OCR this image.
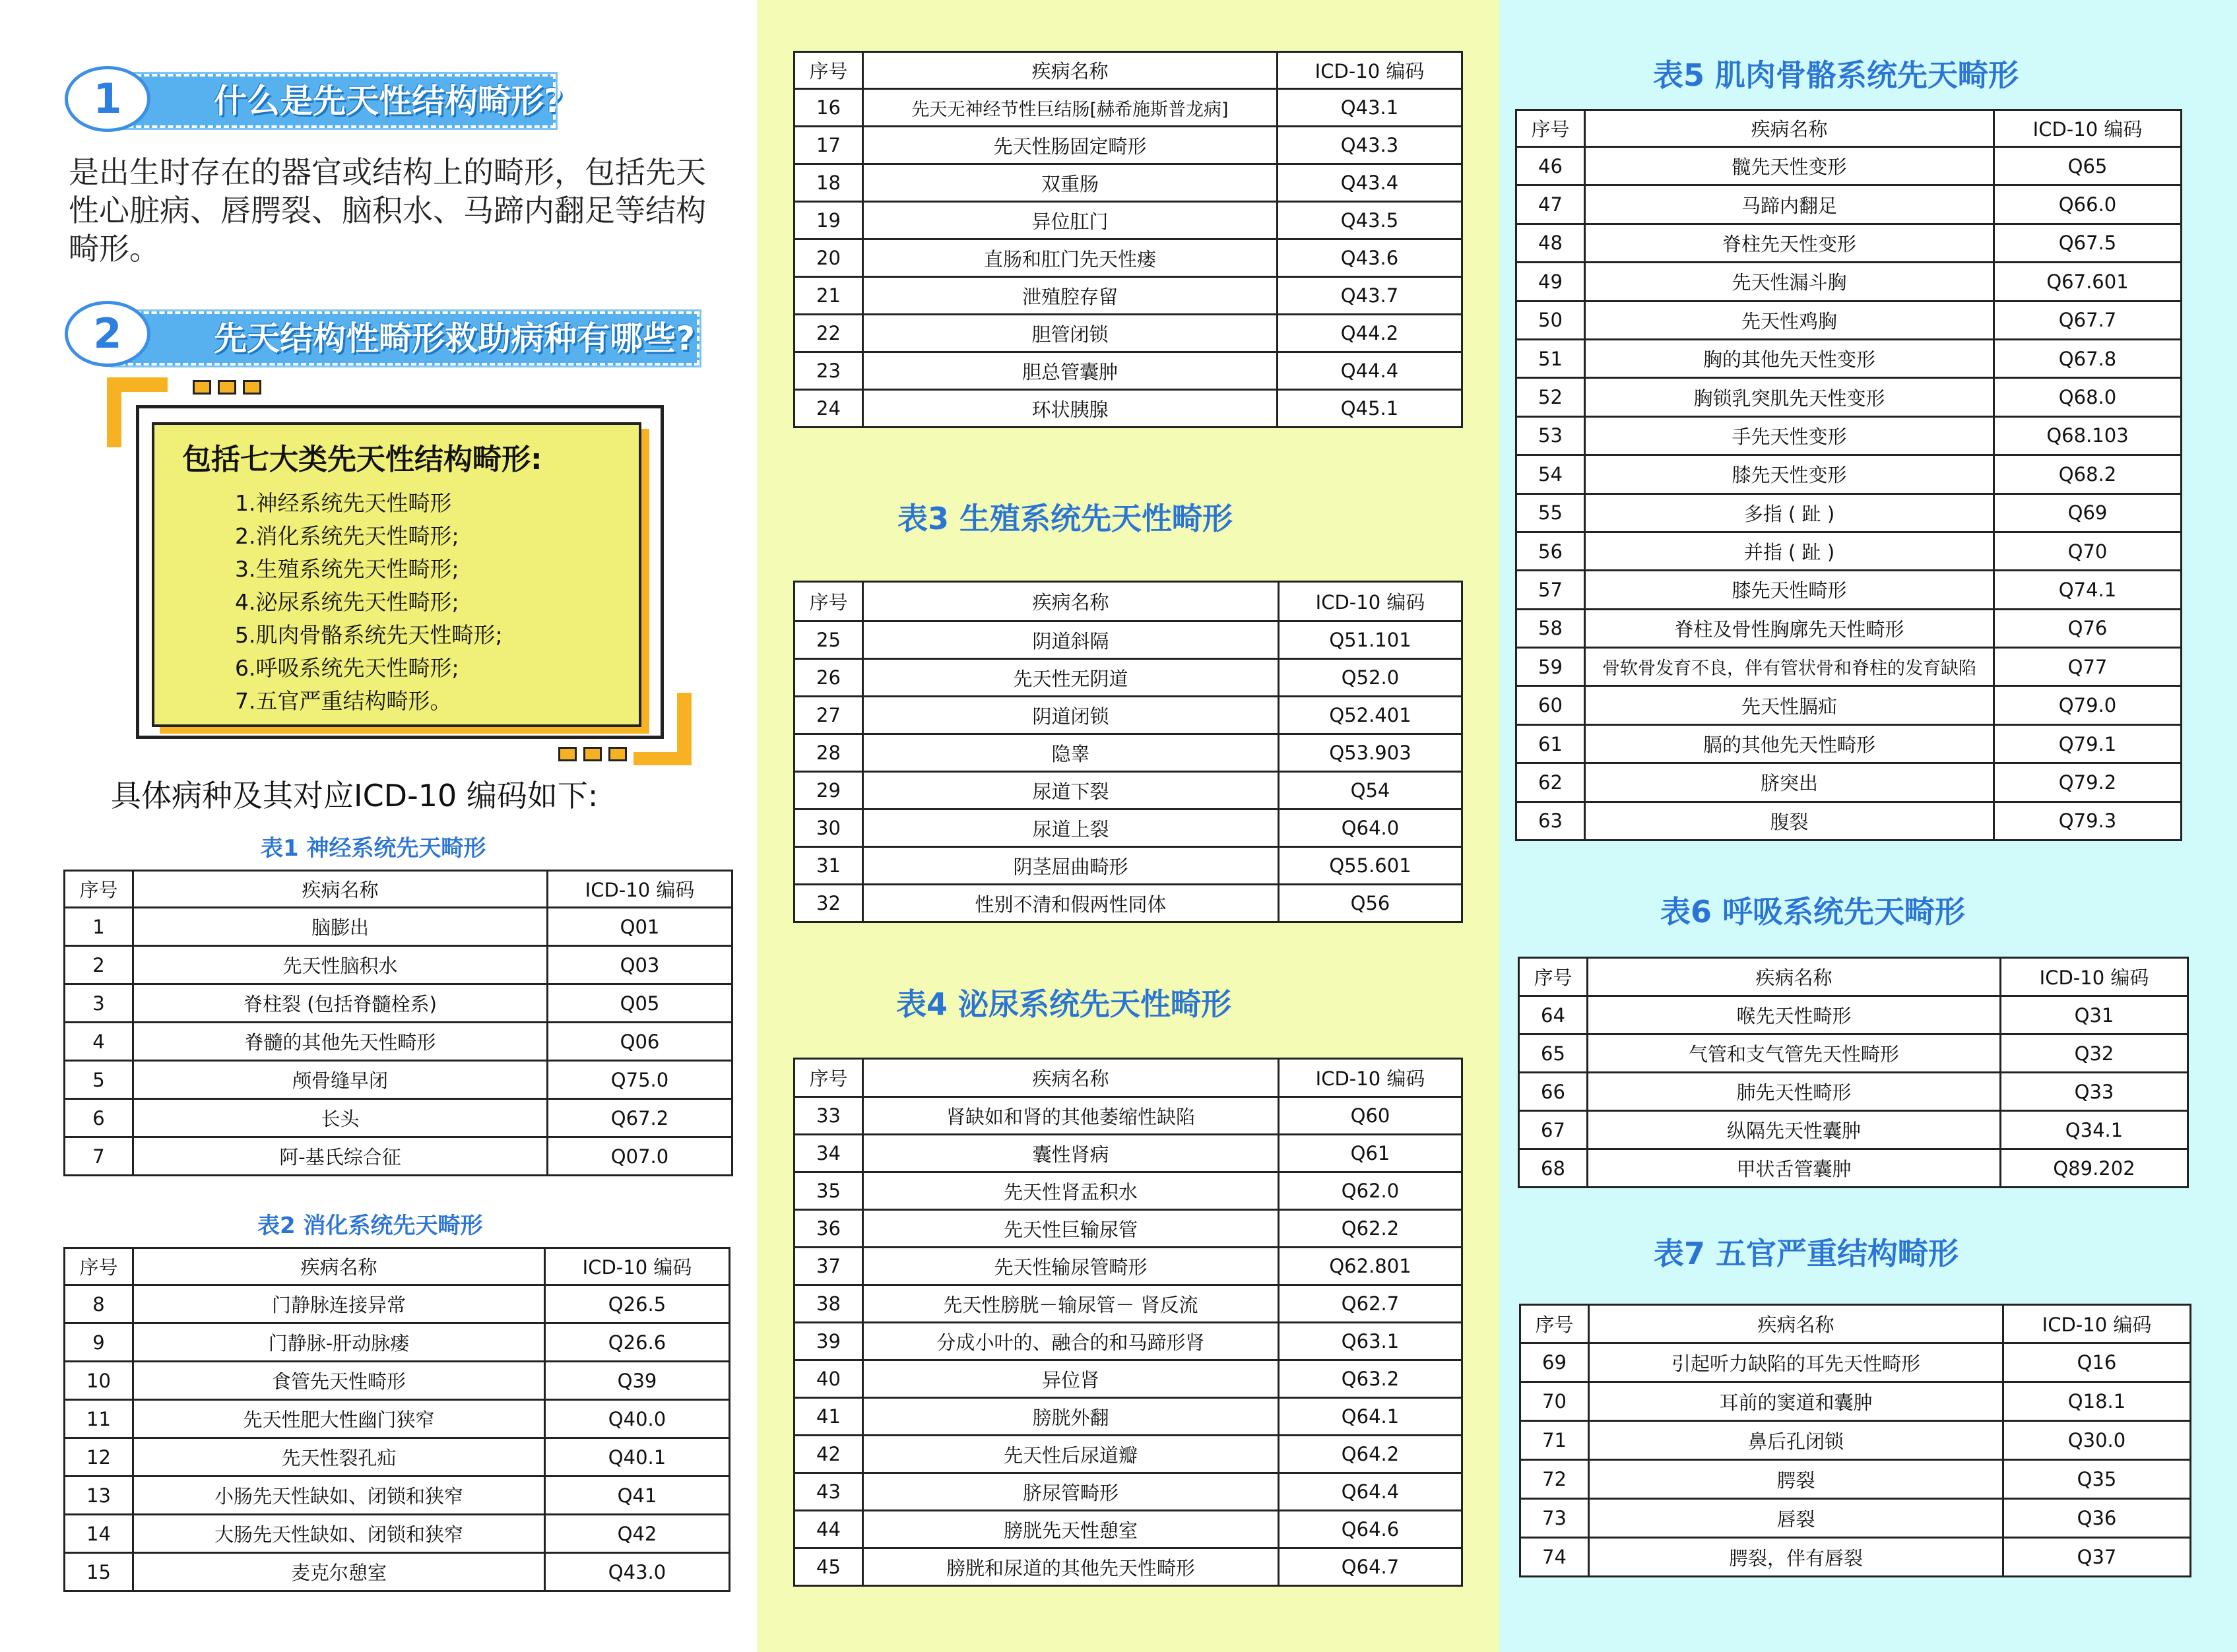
什么是先天性结构畸形?
1
是出生时存在的器官或结构上的畸形，包括先天性心脏病、唇腭裂、脑积水、马蹄内翻足等结构畸形。
先天结构性畸形救助病种有哪些?
2
包括七大类先天性结构畸形:
1.神经系统先天性畸形
2.消化系统先天性畸形;
3.生殖系统先天性畸形;
4.泌尿系统先天性畸形;
5.肌肉骨骼系统先天性畸形;
6.呼吸系统先天性畸形;
7.五官严重结构畸形。
具体病种及其对应ICD-10 编码如下:
表1 神经系统先天畸形
表2 消化系统先天畸形
表3 生殖系统先天性畸形
表4 泌尿系统先天性畸形
表5 肌肉骨骼系统先天畸形
表6 呼吸系统先天畸形
表7 五官严重结构畸形
序号	疾病名称	ICD-10 编码
1	脑膨出	Q01
2	先天性脑积水	Q03
3	脊柱裂 (包括脊髓栓系)	Q05
4	脊髓的其他先天性畸形	Q06
5	颅骨缝早闭	Q75.0
6	长头	Q67.2
7	阿-基氏综合征	Q07.0
序号	疾病名称	ICD-10 编码
8	门静脉连接异常	Q26.5
9	门静脉-肝动脉瘘	Q26.6
10	食管先天性畸形	Q39
11	先天性肥大性幽门狭窄	Q40.0
12	先天性裂孔疝	Q40.1
13	小肠先天性缺如、闭锁和狭窄	Q41
14	大肠先天性缺如、闭锁和狭窄	Q42
15	麦克尔憩室	Q43.0
序号	疾病名称	ICD-10 编码
16	先天无神经节性巨结肠[赫希施斯普龙病]	Q43.1
17	先天性肠固定畸形	Q43.3
18	双重肠	Q43.4
19	异位肛门	Q43.5
20	直肠和肛门先天性瘘	Q43.6
21	泄殖腔存留	Q43.7
22	胆管闭锁	Q44.2
23	胆总管囊肿	Q44.4
24	环状胰腺	Q45.1
序号	疾病名称	ICD-10 编码
25	阴道斜隔	Q51.101
26	先天性无阴道	Q52.0
27	阴道闭锁	Q52.401
28	隐睾	Q53.903
29	尿道下裂	Q54
30	尿道上裂	Q64.0
31	阴茎屈曲畸形	Q55.601
32	性别不清和假两性同体	Q56
序号	疾病名称	ICD-10 编码
33	肾缺如和肾的其他萎缩性缺陷	Q60
34	囊性肾病	Q61
35	先天性肾盂积水	Q62.0
36	先天性巨输尿管	Q62.2
37	先天性输尿管畸形	Q62.801
38	先天性膀胱－输尿管－ 肾反流	Q62.7
39	分成小叶的、融合的和马蹄形肾	Q63.1
40	异位肾	Q63.2
41	膀胱外翻	Q64.1
42	先天性后尿道瓣	Q64.2
43	脐尿管畸形	Q64.4
44	膀胱先天性憩室	Q64.6
45	膀胱和尿道的其他先天性畸形	Q64.7
序号	疾病名称	ICD-10 编码
46	髋先天性变形	Q65
47	马蹄内翻足	Q66.0
48	脊柱先天性变形	Q67.5
49	先天性漏斗胸	Q67.601
50	先天性鸡胸	Q67.7
51	胸的其他先天性变形	Q67.8
52	胸锁乳突肌先天性变形	Q68.0
53	手先天性变形	Q68.103
54	膝先天性变形	Q68.2
55	多指 ( 趾 )	Q69
56	并指 ( 趾 )	Q70
57	膝先天性畸形	Q74.1
58	脊柱及骨性胸廓先天性畸形	Q76
59	骨软骨发育不良，伴有管状骨和脊柱的发育缺陷	Q77
60	先天性膈疝	Q79.0
61	膈的其他先天性畸形	Q79.1
62	脐突出	Q79.2
63	腹裂	Q79.3
序号	疾病名称	ICD-10 编码
64	喉先天性畸形	Q31
65	气管和支气管先天性畸形	Q32
66	肺先天性畸形	Q33
67	纵隔先天性囊肿	Q34.1
68	甲状舌管囊肿	Q89.202
序号	疾病名称	ICD-10 编码
69	引起听力缺陷的耳先天性畸形	Q16
70	耳前的窦道和囊肿	Q18.1
71	鼻后孔闭锁	Q30.0
72	腭裂	Q35
73	唇裂	Q36
74	腭裂，伴有唇裂	Q37
